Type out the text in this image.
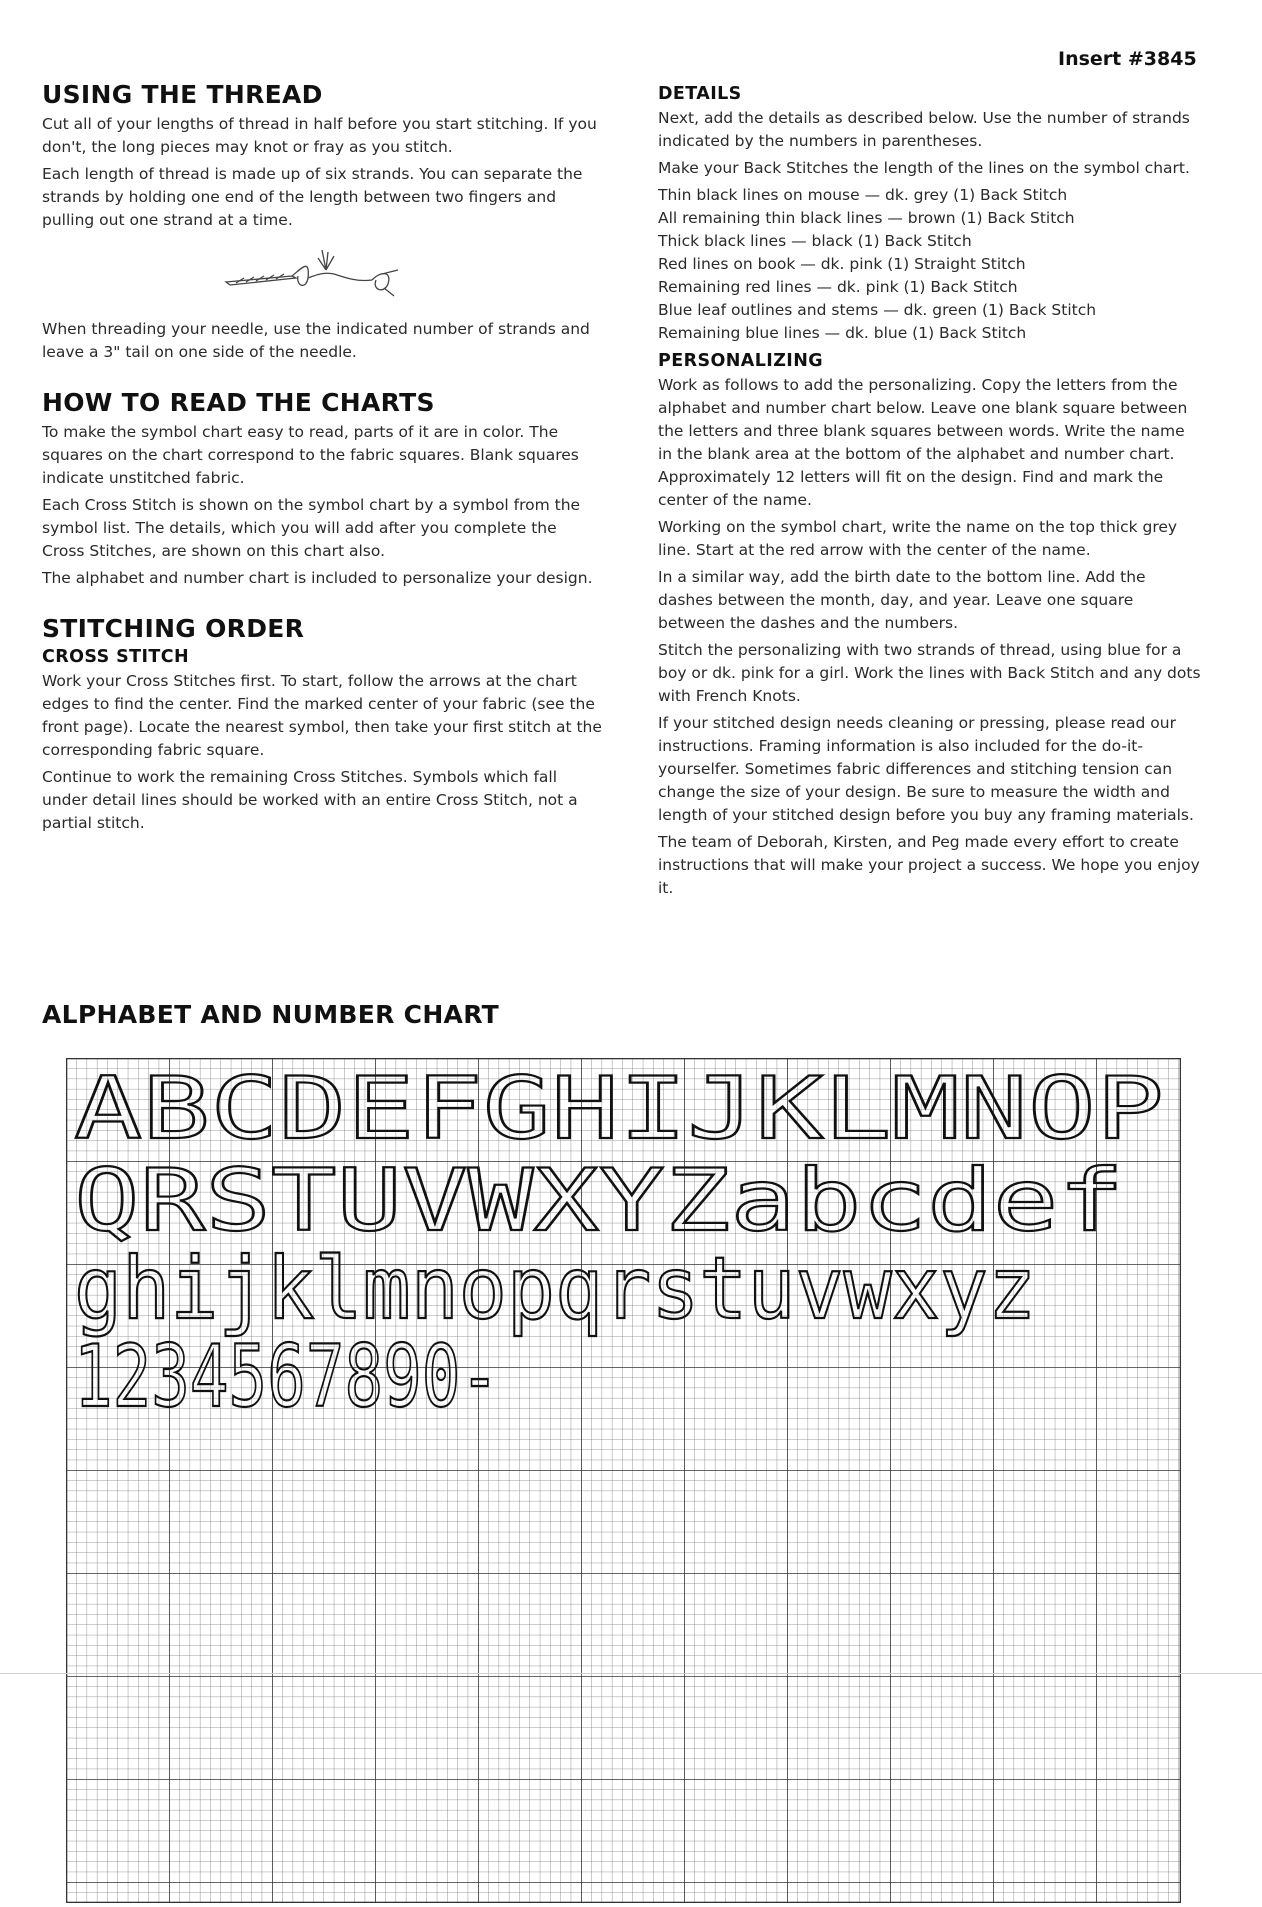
Insert #3845
USING THE THREAD

Cut all of your lengths of thread in half before you start stitching. If you don't, the long pieces may knot or fray as you stitch.

Each length of thread is made up of six strands. You can separate the strands by holding one end of the length between two fingers and pulling out one strand at a time.

When threading your needle, use the indicated number of strands and leave a 3" tail on one side of the needle.

HOW TO READ THE CHARTS

To make the symbol chart easy to read, parts of it are in color. The squares on the chart correspond to the fabric squares. Blank squares indicate unstitched fabric.

Each Cross Stitch is shown on the symbol chart by a symbol from the symbol list. The details, which you will add after you complete the Cross Stitches, are shown on this chart also.

The alphabet and number chart is included to personalize your design.

STITCHING ORDER
CROSS STITCH

Work your Cross Stitches first. To start, follow the arrows at the chart edges to find the center. Find the marked center of your fabric (see the front page). Locate the nearest symbol, then take your first stitch at the corresponding fabric square.

Continue to work the remaining Cross Stitches. Symbols which fall under detail lines should be worked with an entire Cross Stitch, not a partial stitch.

DETAILS

Next, add the details as described below. Use the number of strands indicated by the numbers in parentheses.

Make your Back Stitches the length of the lines on the symbol chart.

Thin black lines on mouse — dk. grey (1) Back Stitch
All remaining thin black lines — brown (1) Back Stitch
Thick black lines — black (1) Back Stitch
Red lines on book — dk. pink (1) Straight Stitch
Remaining red lines — dk. pink (1) Back Stitch
Blue leaf outlines and stems — dk. green (1) Back Stitch
Remaining blue lines — dk. blue (1) Back Stitch
PERSONALIZING

Work as follows to add the personalizing. Copy the letters from the alphabet and number chart below. Leave one blank square between the letters and three blank squares between words. Write the name in the blank area at the bottom of the alphabet and number chart. Approximately 12 letters will fit on the design. Find and mark the center of the name.

Working on the symbol chart, write the name on the top thick grey line. Start at the red arrow with the center of the name.

In a similar way, add the birth date to the bottom line. Add the dashes between the month, day, and year. Leave one square between the dashes and the numbers.

Stitch the personalizing with two strands of thread, using blue for a boy or dk. pink for a girl. Work the lines with Back Stitch and any dots with French Knots.

If your stitched design needs cleaning or pressing, please read our instructions. Framing information is also included for the do-it-yourselfer. Sometimes fabric differences and stitching tension can change the size of your design. Be sure to measure the width and length of your stitched design before you buy any framing materials.

The team of Deborah, Kirsten, and Peg made every effort to create instructions that will make your project a success. We hope you enjoy it.

ALPHABET AND NUMBER CHART
ABCDEFGHIJKLMNOP
QRSTUVWXYZabcdef
ghijklmnopqrstuvwxyz
1234567890-
